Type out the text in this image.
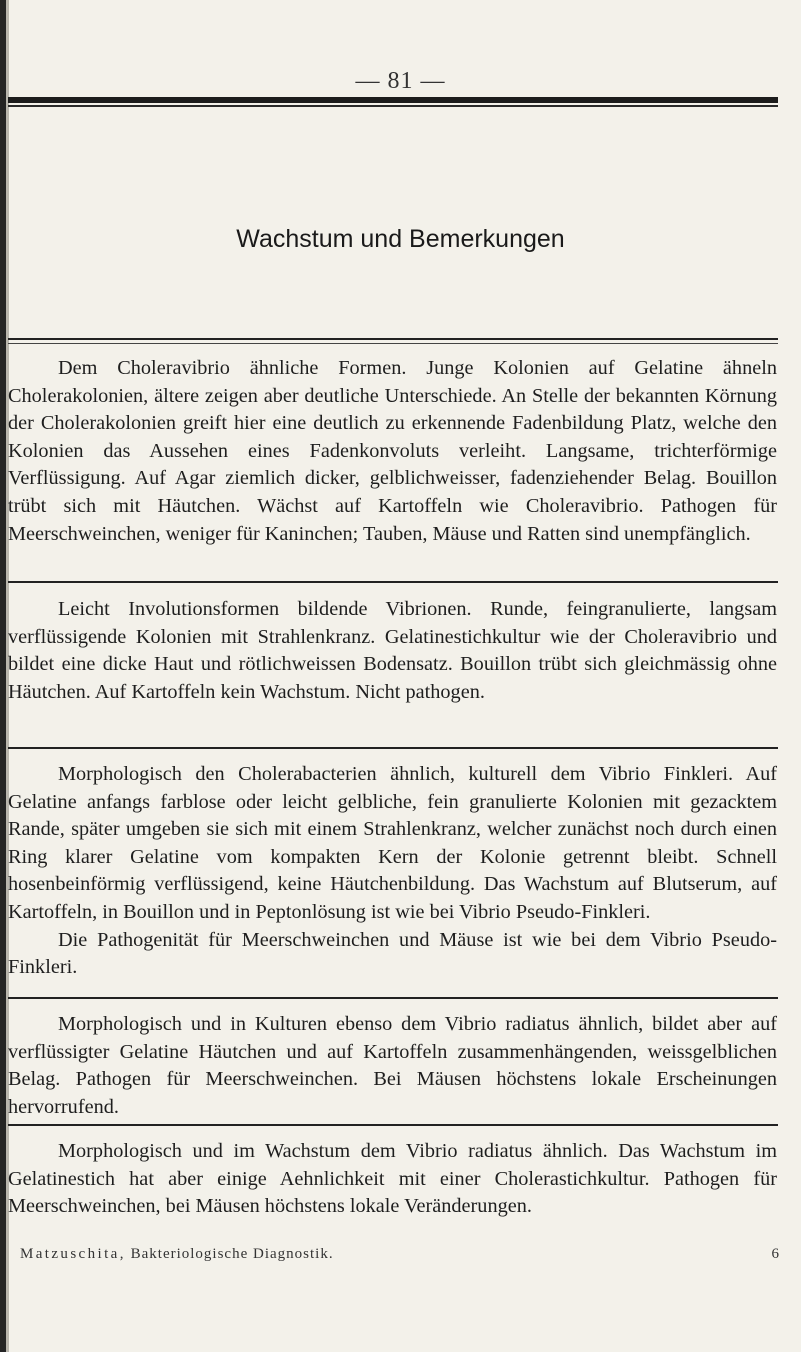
— 81 —
Wachstum und Bemerkungen

Dem Choleravibrio ähnliche Formen. Junge Kolonien auf Gelatine ähneln Cholerakolonien, ältere zeigen aber deutliche Unterschiede. An Stelle der bekannten Körnung der Cholerakolonien greift hier eine deutlich zu erkennende Fadenbildung Platz, welche den Kolonien das Aussehen eines Fadenkonvoluts verleiht. Langsame, trichterförmige Verflüssigung. Auf Agar ziemlich dicker, gelblichweisser, fadenziehender Belag. Bouillon trübt sich mit Häutchen. Wächst auf Kartoffeln wie Choleravibrio. Pathogen für Meerschweinchen, weniger für Kaninchen; Tauben, Mäuse und Ratten sind unempfänglich.

Leicht Involutionsformen bildende Vibrionen. Runde, feingranulierte, langsam verflüssigende Kolonien mit Strahlenkranz. Gelatinestichkultur wie der Choleravibrio und bildet eine dicke Haut und rötlichweissen Bodensatz. Bouillon trübt sich gleichmässig ohne Häutchen. Auf Kartoffeln kein Wachstum. Nicht pathogen.

Morphologisch den Cholerabacterien ähnlich, kulturell dem Vibrio Finkleri. Auf Gelatine anfangs farblose oder leicht gelbliche, fein granulierte Kolonien mit gezacktem Rande, später umgeben sie sich mit einem Strahlenkranz, welcher zunächst noch durch einen Ring klarer Gelatine vom kompakten Kern der Kolonie getrennt bleibt. Schnell hosenbeinförmig verflüssigend, keine Häutchenbildung. Das Wachstum auf Blutserum, auf Kartoffeln, in Bouillon und in Peptonlösung ist wie bei Vibrio Pseudo-Finkleri.

Die Pathogenität für Meerschweinchen und Mäuse ist wie bei dem Vibrio Pseudo-Finkleri.

Morphologisch und in Kulturen ebenso dem Vibrio radiatus ähnlich, bildet aber auf verflüssigter Gelatine Häutchen und auf Kartoffeln zusammenhängenden, weissgelblichen Belag. Pathogen für Meerschweinchen. Bei Mäusen höchstens lokale Erscheinungen hervorrufend.

Morphologisch und im Wachstum dem Vibrio radiatus ähnlich. Das Wachstum im Gelatinestich hat aber einige Aehnlichkeit mit einer Cholerastichkultur. Pathogen für Meerschweinchen, bei Mäusen höchstens lokale Veränderungen.

Matzuschita, Bakteriologische Diagnostik.	6
